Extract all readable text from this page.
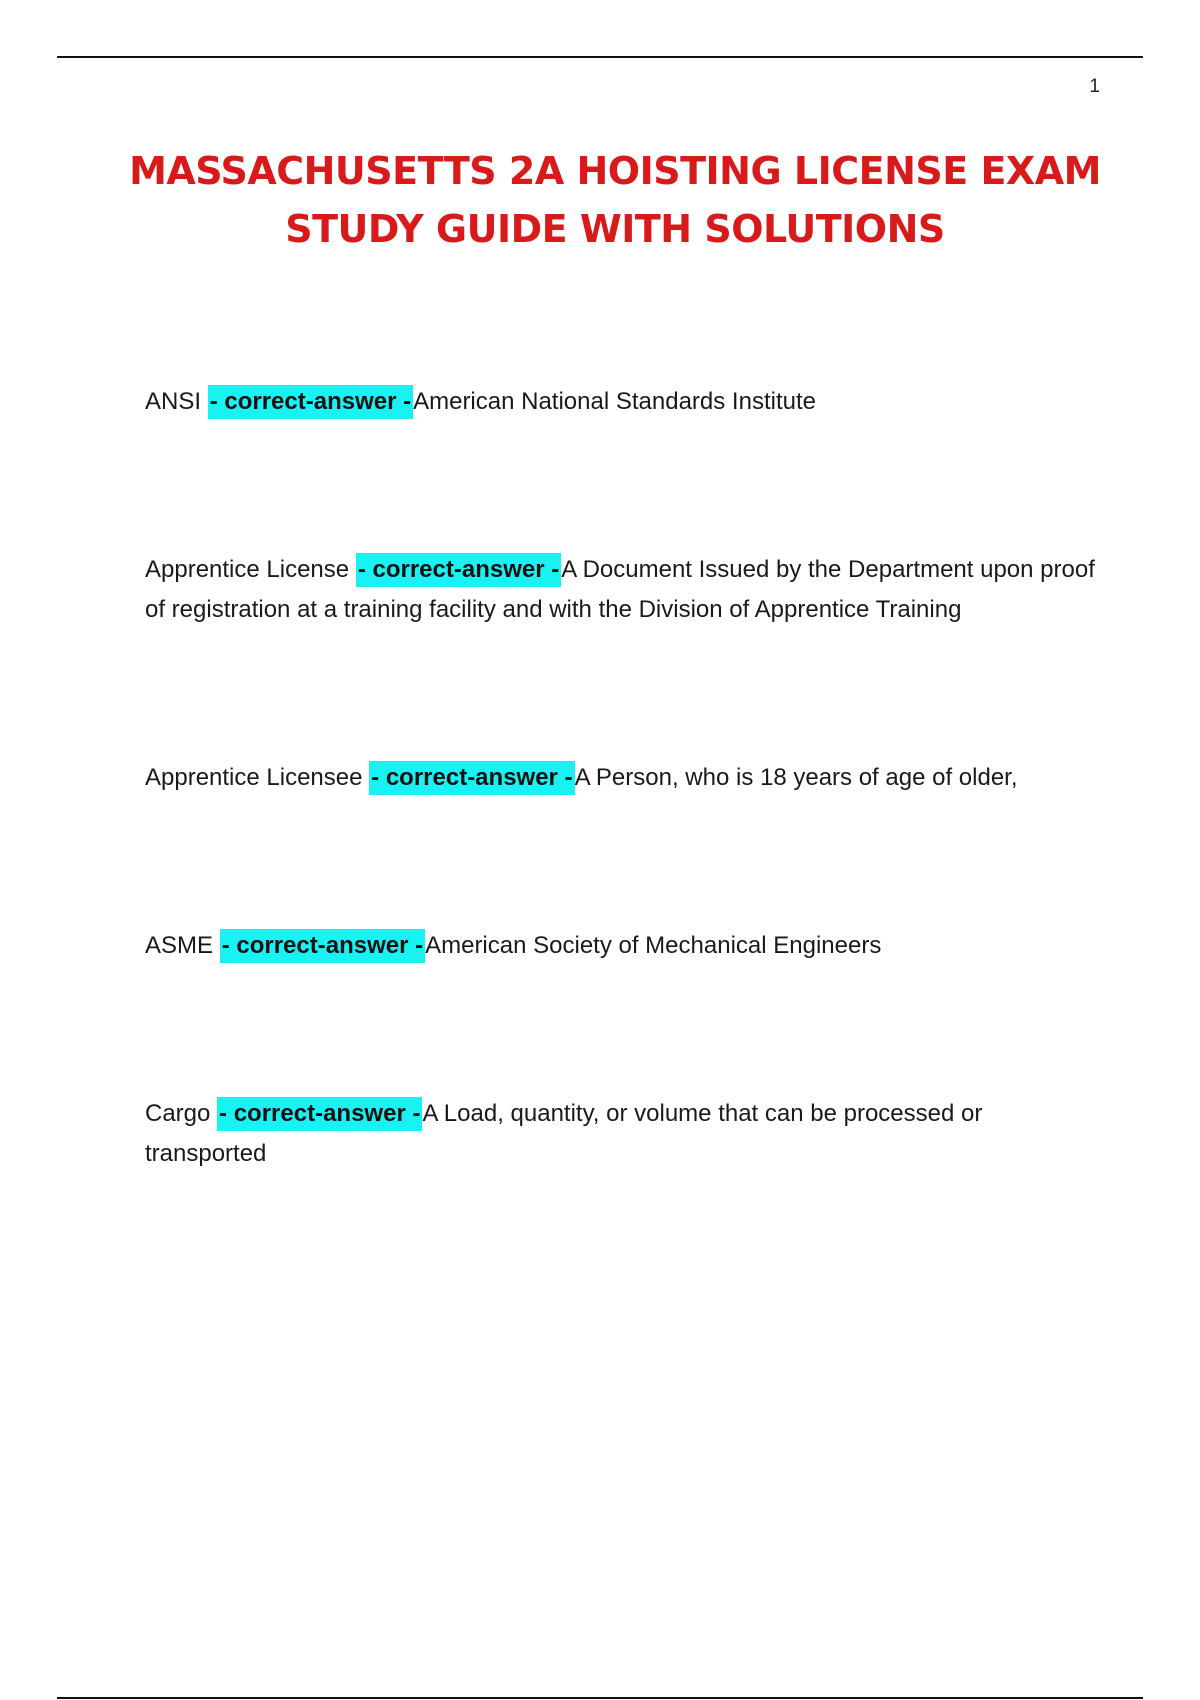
1
MASSACHUSETTS 2A HOISTING LICENSE EXAM STUDY GUIDE WITH SOLUTIONS

ANSI - correct-answer -American National Standards Institute

Apprentice License - correct-answer -A Document Issued by the Department upon proof of registration at a training facility and with the Division of Apprentice Training

Apprentice Licensee - correct-answer -A Person, who is 18 years of age of older,

ASME - correct-answer -American Society of Mechanical Engineers

Cargo - correct-answer -A Load, quantity, or volume that can be processed or transported
